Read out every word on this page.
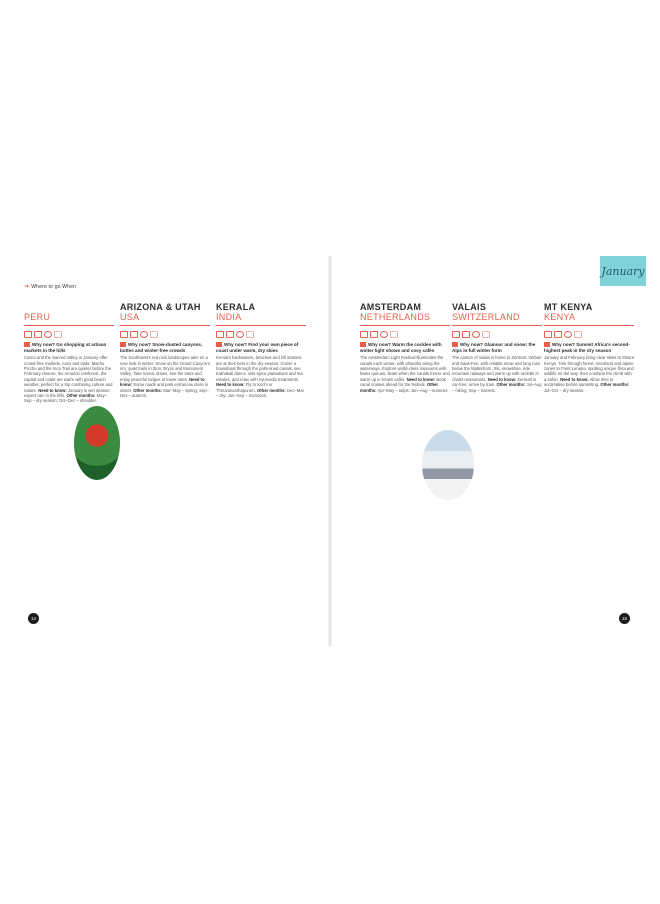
➜ Where to go When
PERU

Why now? Go shopping at artisan markets in the hills

Cusco and the Sacred Valley in January offer crowd-free markets, ruins and trails. Machu Picchu and the Inca Trail are quieter before the February closure; the Amazon rainforest, the capital and coast are warm with good beach weather, perfect for a trip combining culture and nature. Need to know: January is wet season; expect rain in the hills. Other months: May–Sep – dry season; Oct–Dec – shoulder.

ARIZONA & UTAH
USA

Why now? Snow-dusted canyons, buttes and winter-free crowds

The Southwest's red rock landscapes take on a new look in winter. Snow on the Grand Canyon's rim, quiet trails in Zion, Bryce and Monument Valley. Take scenic drives, see the stars and enjoy peaceful lodges at lower rates. Need to know: Some roads and park entrances close in winter. Other months: Mar–May – spring; Sep–Nov – autumn.

KERALA
INDIA

Why now? Find your own piece of coast under warm, dry skies

Kerala's backwaters, beaches and hill stations are at their best in the dry season. Cruise a houseboat through the palm-lined canals, see Kathakali dance, visit spice plantations and tea estates, and relax with Ayurvedic treatments. Need to know: Fly to Kochi or Thiruvananthapuram. Other months: Dec–Mar – dry; Jun–Sep – monsoon.

14
January
AMSTERDAM
NETHERLANDS

Why now? Warm the cockles with winter light shows and cosy cafés

The Amsterdam Light Festival illuminates the canals each winter, with artworks along the waterways. Explore world-class museums with fewer queues, skate when the canals freeze and warm up in brown cafés. Need to know: Book canal cruises ahead for the festival. Other months: Apr–May – tulips; Jun–Aug – summer.

VALAIS
SWITZERLAND

Why now? Glamour and snow: the Alps in full winter form

The canton of Valais is home to Zermatt, Verbier and Saas-Fee, with reliable snow and long runs below the Matterhorn. Ski, snowshoe, ride mountain railways and warm up with raclette in chalet restaurants. Need to know: Zermatt is car-free; arrive by train. Other months: Jul–Aug – hiking; Sep – harvest.

MT KENYA
KENYA

Why now? Summit Africa's second-highest peak in the dry season

January and February bring clear skies to Mount Kenya. Trek through forest, moorland and alpine zones to Point Lenana, spotting unique flora and wildlife on the way, then combine the climb with a safari. Need to know: Allow time to acclimatise before summiting. Other months: Jul–Oct – dry season.

15
